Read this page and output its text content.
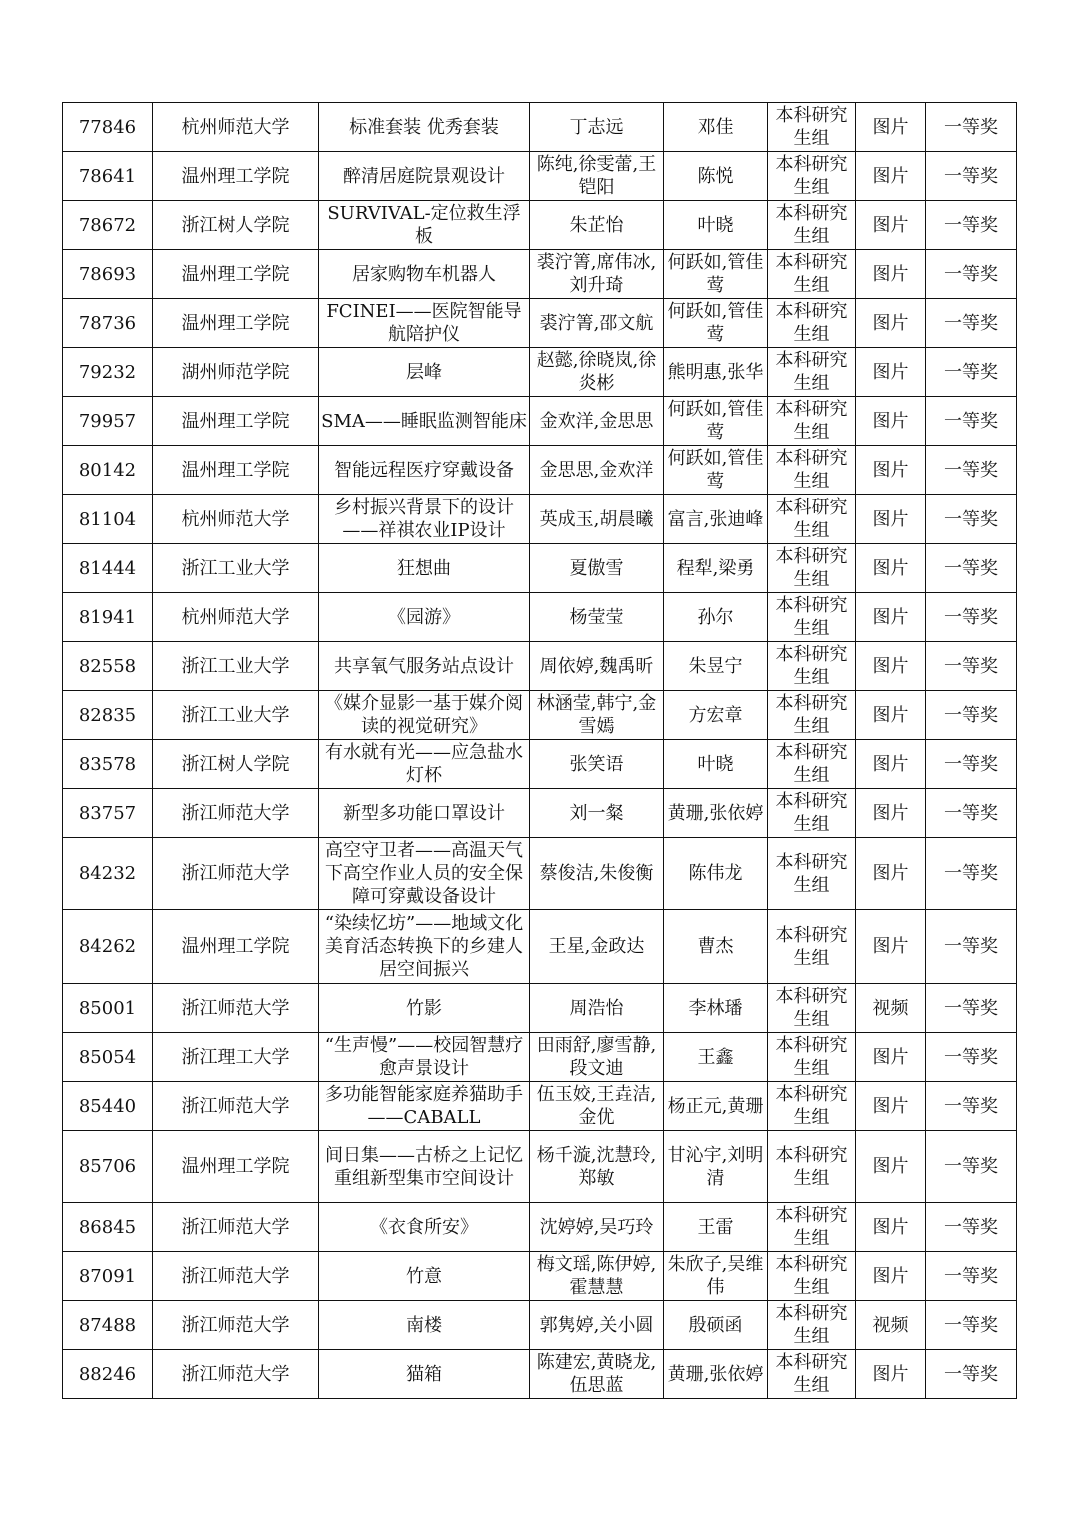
77846	杭州师范大学	标准套装 优秀套装	丁志远	邓佳	本科研究生组	图片	一等奖
78641	温州理工学院	醉清居庭院景观设计	陈纯,徐雯蕾,王铠阳	陈悦	本科研究生组	图片	一等奖
78672	浙江树人学院	SURVIVAL-定位救生浮板	朱芷怡	叶晓	本科研究生组	图片	一等奖
78693	温州理工学院	居家购物车机器人	裘泞箐,席伟冰,刘升琦	何跃如,管佳莺	本科研究生组	图片	一等奖
78736	温州理工学院	FCINEI——医院智能导航陪护仪	裘泞箐,邵文航	何跃如,管佳莺	本科研究生组	图片	一等奖
79232	湖州师范学院	层峰	赵懿,徐晓岚,徐炎彬	熊明惠,张华	本科研究生组	图片	一等奖
79957	温州理工学院	SMA——睡眠监测智能床	金欢洋,金思思	何跃如,管佳莺	本科研究生组	图片	一等奖
80142	温州理工学院	智能远程医疗穿戴设备	金思思,金欢洋	何跃如,管佳莺	本科研究生组	图片	一等奖
81104	杭州师范大学	乡村振兴背景下的设计——祥祺农业IP设计	英成玉,胡晨曦	富言,张迪峰	本科研究生组	图片	一等奖
81444	浙江工业大学	狂想曲	夏傲雪	程犁,梁勇	本科研究生组	图片	一等奖
81941	杭州师范大学	《园游》	杨莹莹	孙尔	本科研究生组	图片	一等奖
82558	浙江工业大学	共享氧气服务站点设计	周依婷,魏禹昕	朱昱宁	本科研究生组	图片	一等奖
82835	浙江工业大学	《媒介显影一基于媒介阅读的视觉研究》	林涵莹,韩宁,金雪嫣	方宏章	本科研究生组	图片	一等奖
83578	浙江树人学院	有水就有光——应急盐水灯杯	张笑语	叶晓	本科研究生组	图片	一等奖
83757	浙江师范大学	新型多功能口罩设计	刘一粲	黄珊,张依婷	本科研究生组	图片	一等奖
84232	浙江师范大学	高空守卫者——高温天气下高空作业人员的安全保障可穿戴设备设计	蔡俊洁,朱俊衡	陈伟龙	本科研究生组	图片	一等奖
84262	温州理工学院	“染续忆坊”——地域文化美育活态转换下的乡建人居空间振兴	王星,金政达	曹杰	本科研究生组	图片	一等奖
85001	浙江师范大学	竹影	周浩怡	李林璠	本科研究生组	视频	一等奖
85054	浙江理工大学	“生声慢”——校园智慧疗愈声景设计	田雨舒,廖雪静,段文迪	王鑫	本科研究生组	图片	一等奖
85440	浙江师范大学	多功能智能家庭养猫助手——CABALL	伍玉姣,王垚洁,金优	杨正元,黄珊	本科研究生组	图片	一等奖
85706	温州理工学院	间日集——古桥之上记忆重组新型集市空间设计	杨千漩,沈慧玲,郑敏	甘沁宇,刘明清	本科研究生组	图片	一等奖
86845	浙江师范大学	《衣食所安》	沈婷婷,吴巧玲	王雷	本科研究生组	图片	一等奖
87091	浙江师范大学	竹意	梅文瑶,陈伊婷,霍慧慧	朱欣子,吴维伟	本科研究生组	图片	一等奖
87488	浙江师范大学	南楼	郭隽婷,关小圆	殷硕函	本科研究生组	视频	一等奖
88246	浙江师范大学	猫箱	陈建宏,黄晓龙,伍思蓝	黄珊,张依婷	本科研究生组	图片	一等奖
